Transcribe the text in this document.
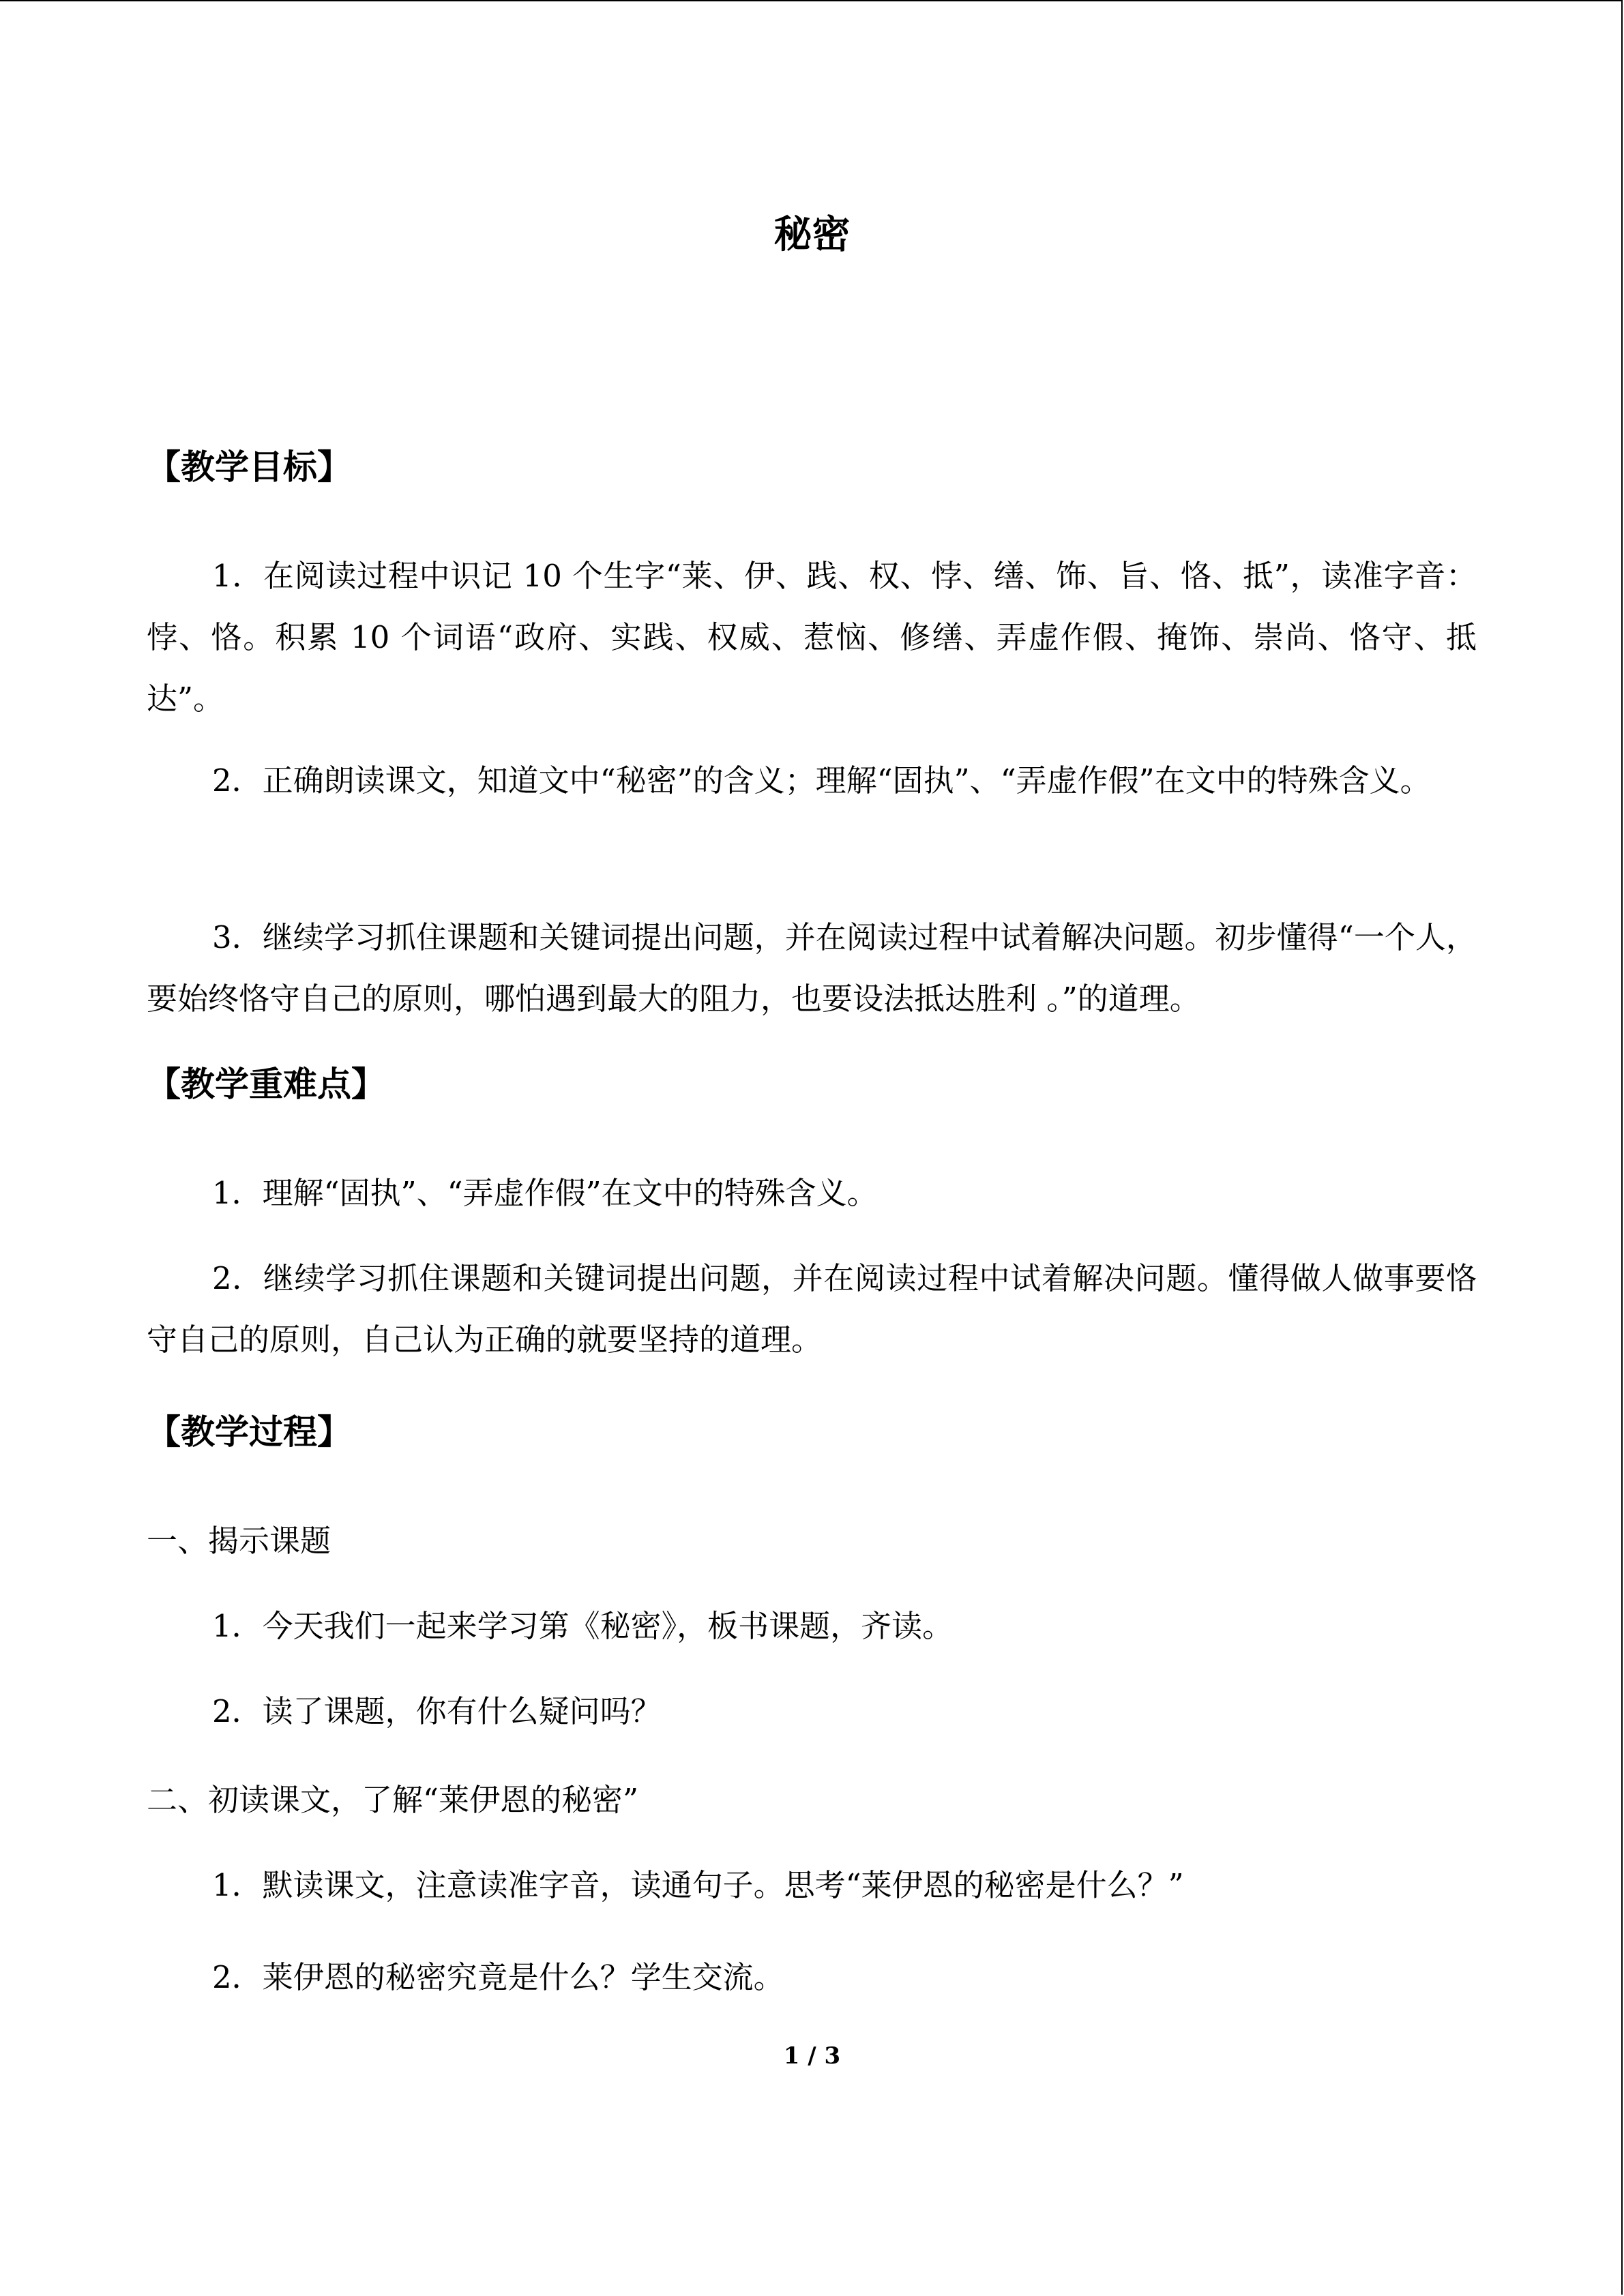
秘密
【教学目标】

1．在阅读过程中识记 10 个生字“莱、伊、践、权、悖、缮、饰、旨、恪、抵”，读准字音：悖、恪。积累 10 个词语“政府、实践、权威、惹恼、修缮、弄虚作假、掩饰、崇尚、恪守、抵达”。

2．正确朗读课文，知道文中“秘密”的含义；理解“固执”、“弄虚作假”在文中的特殊含义。

3．继续学习抓住课题和关键词提出问题，并在阅读过程中试着解决问题。初步懂得“一个人，要始终恪守自己的原则，哪怕遇到最大的阻力，也要设法抵达胜利 。”的道理。

【教学重难点】

1．理解“固执”、“弄虚作假”在文中的特殊含义。

2．继续学习抓住课题和关键词提出问题，并在阅读过程中试着解决问题。懂得做人做事要恪守自己的原则，自己认为正确的就要坚持的道理。

【教学过程】

一、揭示课题

1．今天我们一起来学习第《秘密》，板书课题，齐读。

2．读了课题，你有什么疑问吗？

二、初读课文，了解“莱伊恩的秘密”

1．默读课文，注意读准字音，读通句子。思考“莱伊恩的秘密是什么？”

2．莱伊恩的秘密究竟是什么？学生交流。

1 / 3
